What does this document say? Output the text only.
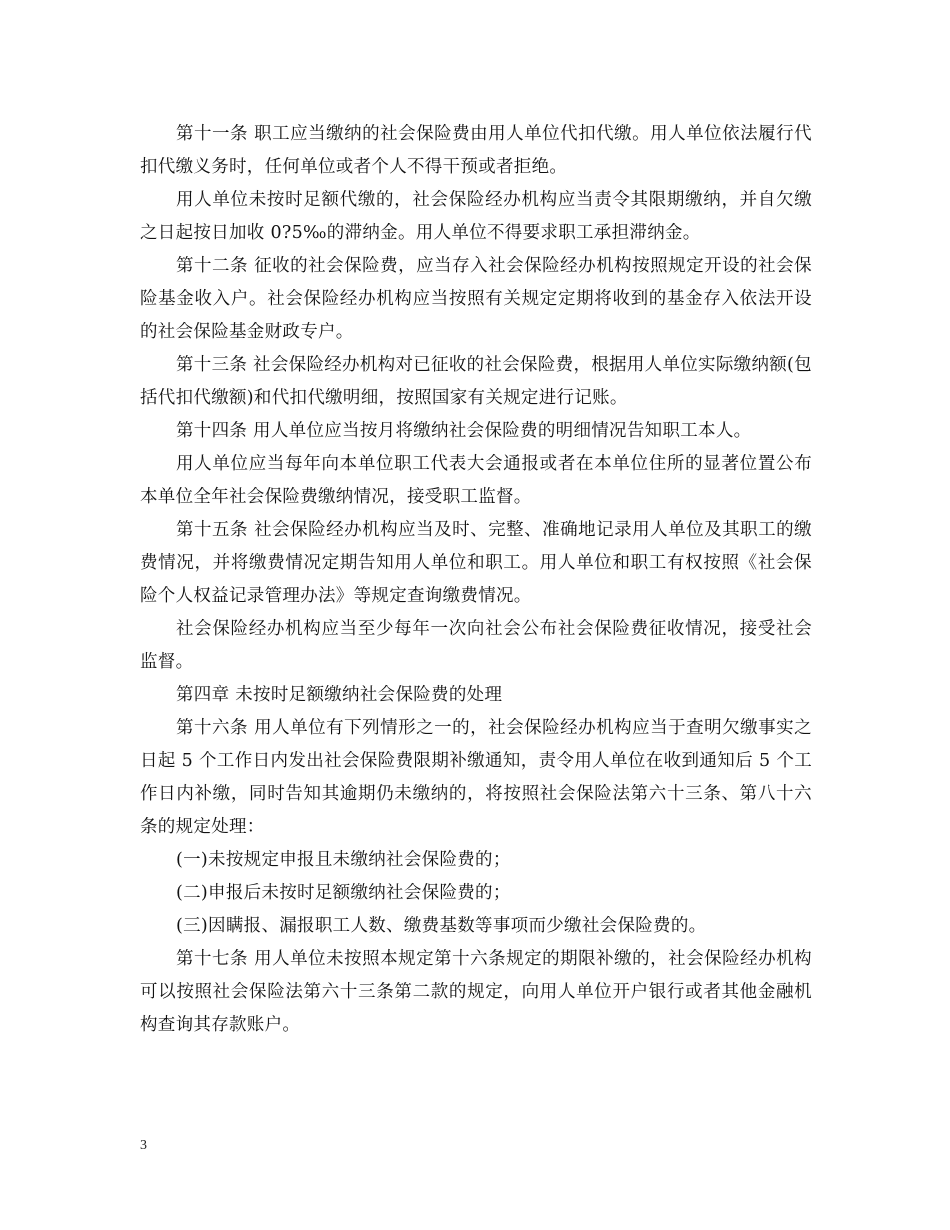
第十一条 职工应当缴纳的社会保险费由用人单位代扣代缴。用人单位依法履行代扣代缴义务时，任何单位或者个人不得干预或者拒绝。

用人单位未按时足额代缴的，社会保险经办机构应当责令其限期缴纳，并自欠缴之日起按日加收 0?5‰的滞纳金。用人单位不得要求职工承担滞纳金。

第十二条 征收的社会保险费，应当存入社会保险经办机构按照规定开设的社会保险基金收入户。社会保险经办机构应当按照有关规定定期将收到的基金存入依法开设的社会保险基金财政专户。

第十三条 社会保险经办机构对已征收的社会保险费，根据用人单位实际缴纳额(包括代扣代缴额)和代扣代缴明细，按照国家有关规定进行记账。

第十四条 用人单位应当按月将缴纳社会保险费的明细情况告知职工本人。

用人单位应当每年向本单位职工代表大会通报或者在本单位住所的显著位置公布本单位全年社会保险费缴纳情况，接受职工监督。

第十五条 社会保险经办机构应当及时、完整、准确地记录用人单位及其职工的缴费情况，并将缴费情况定期告知用人单位和职工。用人单位和职工有权按照《社会保险个人权益记录管理办法》等规定查询缴费情况。

社会保险经办机构应当至少每年一次向社会公布社会保险费征收情况，接受社会监督。

第四章 未按时足额缴纳社会保险费的处理

第十六条 用人单位有下列情形之一的，社会保险经办机构应当于查明欠缴事实之日起 5 个工作日内发出社会保险费限期补缴通知，责令用人单位在收到通知后 5 个工作日内补缴，同时告知其逾期仍未缴纳的，将按照社会保险法第六十三条、第八十六条的规定处理：

(一)未按规定申报且未缴纳社会保险费的；

(二)申报后未按时足额缴纳社会保险费的；

(三)因瞒报、漏报职工人数、缴费基数等事项而少缴社会保险费的。

第十七条 用人单位未按照本规定第十六条规定的期限补缴的，社会保险经办机构可以按照社会保险法第六十三条第二款的规定，向用人单位开户银行或者其他金融机构查询其存款账户。

3
